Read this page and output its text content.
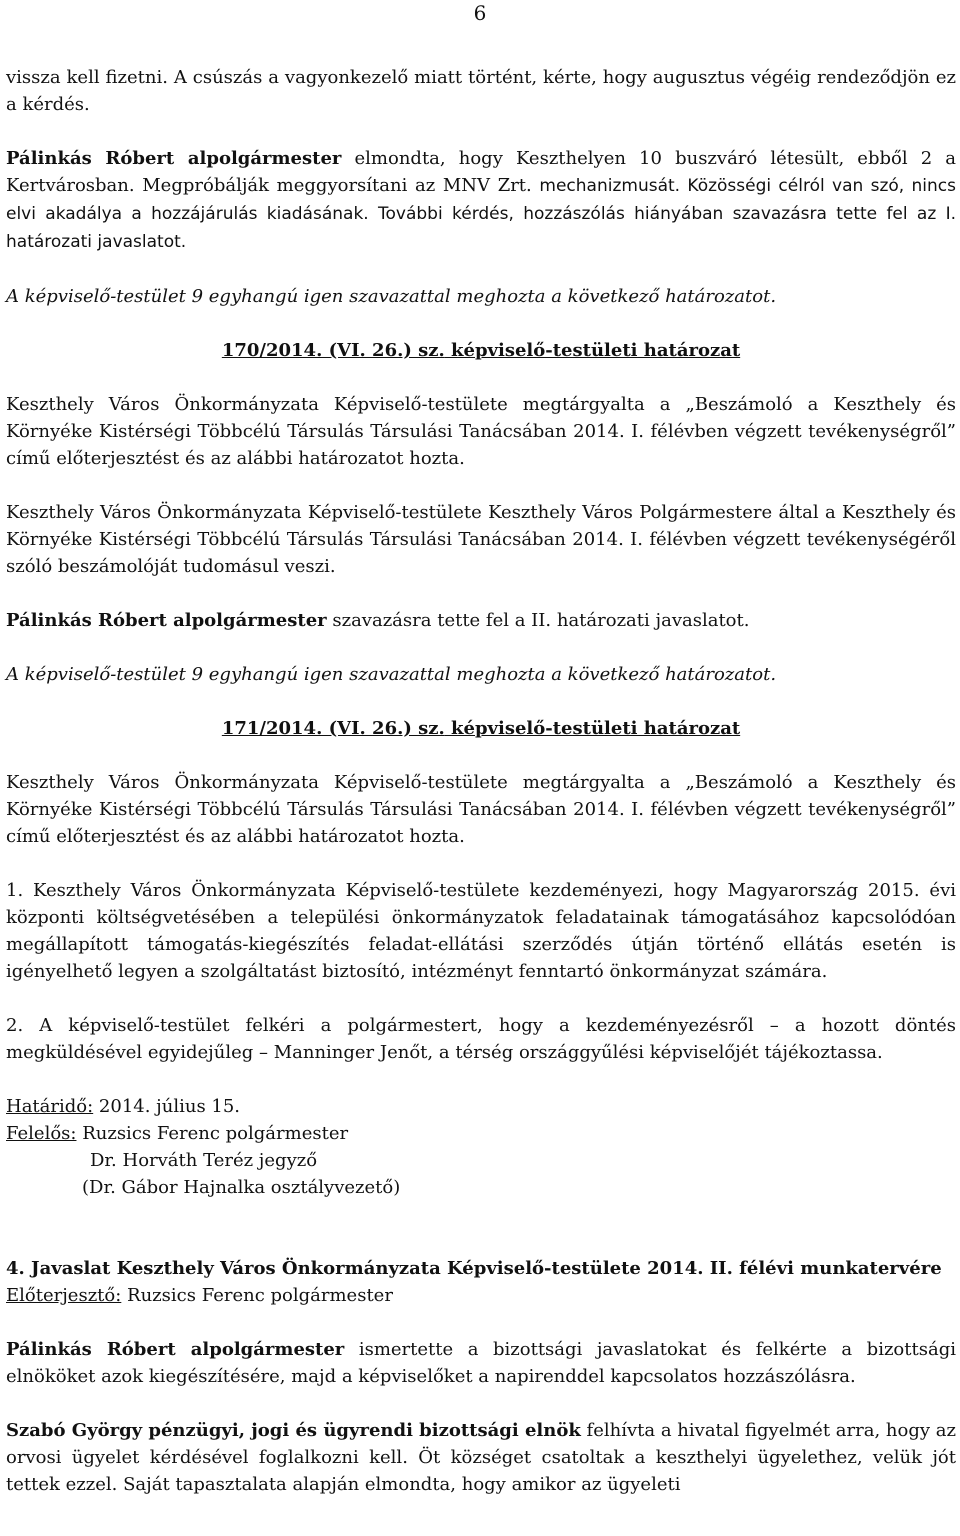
6

vissza kell fizetni. A csúszás a vagyonkezelő miatt történt, kérte, hogy augusztus végéig rendeződjön ez a kérdés.

Pálinkás Róbert alpolgármester elmondta, hogy Keszthelyen 10 buszváró létesült, ebből 2 a Kertvárosban. Megpróbálják meggyorsítani az MNV Zrt. mechanizmusát. Közösségi célról van szó, nincs elvi akadálya a hozzájárulás kiadásának. További kérdés, hozzászólás hiányában szavazásra tette fel az I. határozati javaslatot.

A képviselő-testület 9 egyhangú igen szavazattal meghozta a következő határozatot.

170/2014. (VI. 26.) sz. képviselő-testületi határozat

Keszthely Város Önkormányzata Képviselő-testülete megtárgyalta a „Beszámoló a Keszthely és Környéke Kistérségi Többcélú Társulás Társulási Tanácsában 2014. I. félévben végzett tevékenységről” című előterjesztést és az alábbi határozatot hozta.

Keszthely Város Önkormányzata Képviselő-testülete Keszthely Város Polgármestere által a Keszthely és Környéke Kistérségi Többcélú Társulás Társulási Tanácsában 2014. I. félévben végzett tevékenységéről szóló beszámolóját tudomásul veszi.

Pálinkás Róbert alpolgármester szavazásra tette fel a II. határozati javaslatot.

A képviselő-testület 9 egyhangú igen szavazattal meghozta a következő határozatot.

171/2014. (VI. 26.) sz. képviselő-testületi határozat

Keszthely Város Önkormányzata Képviselő-testülete megtárgyalta a „Beszámoló a Keszthely és Környéke Kistérségi Többcélú Társulás Társulási Tanácsában 2014. I. félévben végzett tevékenységről” című előterjesztést és az alábbi határozatot hozta.

1. Keszthely Város Önkormányzata Képviselő-testülete kezdeményezi, hogy Magyarország 2015. évi központi költségvetésében a települési önkormányzatok feladatainak támogatásához kapcsolódóan megállapított támogatás-kiegészítés feladat-ellátási szerződés útján történő ellátás esetén is igényelhető legyen a szolgáltatást biztosító, intézményt fenntartó önkormányzat számára.

2. A képviselő-testület felkéri a polgármestert, hogy a kezdeményezésről – a hozott döntés megküldésével egyidejűleg – Manninger Jenőt, a térség országgyűlési képviselőjét tájékoztassa.

Határidő: 2014. július 15.

Felelős: Ruzsics Ferenc polgármester

Dr. Horváth Teréz jegyző

(Dr. Gábor Hajnalka osztályvezető)

4. Javaslat Keszthely Város Önkormányzata Képviselő-testülete 2014. II. félévi munkatervére

Előterjesztő: Ruzsics Ferenc polgármester

Pálinkás Róbert alpolgármester ismertette a bizottsági javaslatokat és felkérte a bizottsági elnököket azok kiegészítésére, majd a képviselőket a napirenddel kapcsolatos hozzászólásra.

Szabó György pénzügyi, jogi és ügyrendi bizottsági elnök felhívta a hivatal figyelmét arra, hogy az orvosi ügyelet kérdésével foglalkozni kell. Öt községet csatoltak a keszthelyi ügyelethez, velük jót tettek ezzel. Saját tapasztalata alapján elmondta, hogy amikor az ügyeleti
